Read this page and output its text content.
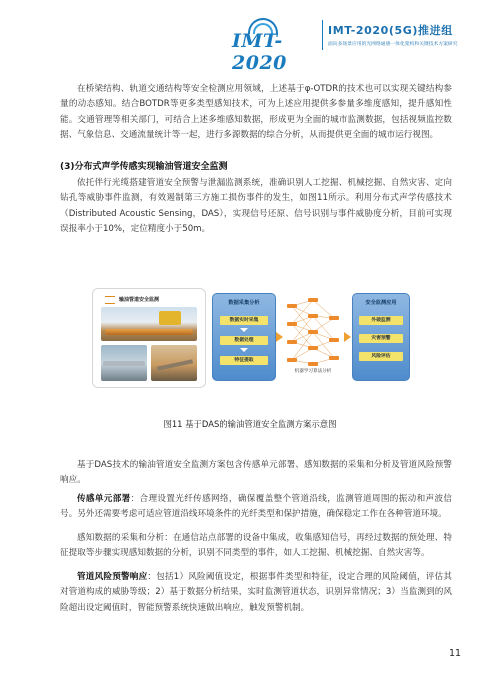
IMT-2020
IMT-2020(5G)推进组
面向多场景应用的光网络通感一体化架构和关键技术方案研究
在桥梁结构、轨道交通结构等安全检测应用领域，上述基于φ-OTDR的技术也可以实现关键结构参量的动态感知。结合BOTDR等更多类型感知技术，可为上述应用提供多参量多维度感知，提升感知性能。交通管理等相关部门，可结合上述多维感知数据，形成更为全面的城市监测数据，包括视频监控数据、气象信息、交通流量统计等一起，进行多源数据的综合分析，从而提供更全面的城市运行视图。
(3)分布式声学传感实现输油管道安全监测
依托伴行光缆搭建管道安全预警与泄漏监测系统，准确识别人工挖掘、机械挖掘、自然灾害、定向钻孔等威胁事件监测，有效遏制第三方施工损伤事件的发生，如图11所示。利用分布式声学传感技术（Distributed Acoustic Sensing，DAS），实现信号还原、信号识别与事件威胁度分析，目前可实现误报率小于10%，定位精度小于50m。
输油管道安全监测	数据采集分析
数据实时采集
数据处理
特征提取
机器学习算法分析
安全监测应用
外破监测
灾害预警
风险评估
图11 基于DAS的输油管道安全监测方案示意图
基于DAS技术的输油管道安全监测方案包含传感单元部署、感知数据的采集和分析及管道风险预警响应。
传感单元部署：合理设置光纤传感网络，确保覆盖整个管道沿线，监测管道周围的振动和声波信号。另外还需要考虑可适应管道沿线环境条件的光纤类型和保护措施，确保稳定工作在各种管道环境。
感知数据的采集和分析：在通信站点部署的设备中集成，收集感知信号，再经过数据的预处理、特征提取等步骤实现感知数据的分析，识别不同类型的事件，如人工挖掘、机械挖掘、自然灾害等。
管道风险预警响应：包括1）风险阈值设定，根据事件类型和特征，设定合理的风险阈值，评估其对管道构成的威胁等级；2）基于数据分析结果，实时监测管道状态，识别异常情况；3）当监测到的风险超出设定阈值时，智能预警系统快速做出响应，触发预警机制。
11
